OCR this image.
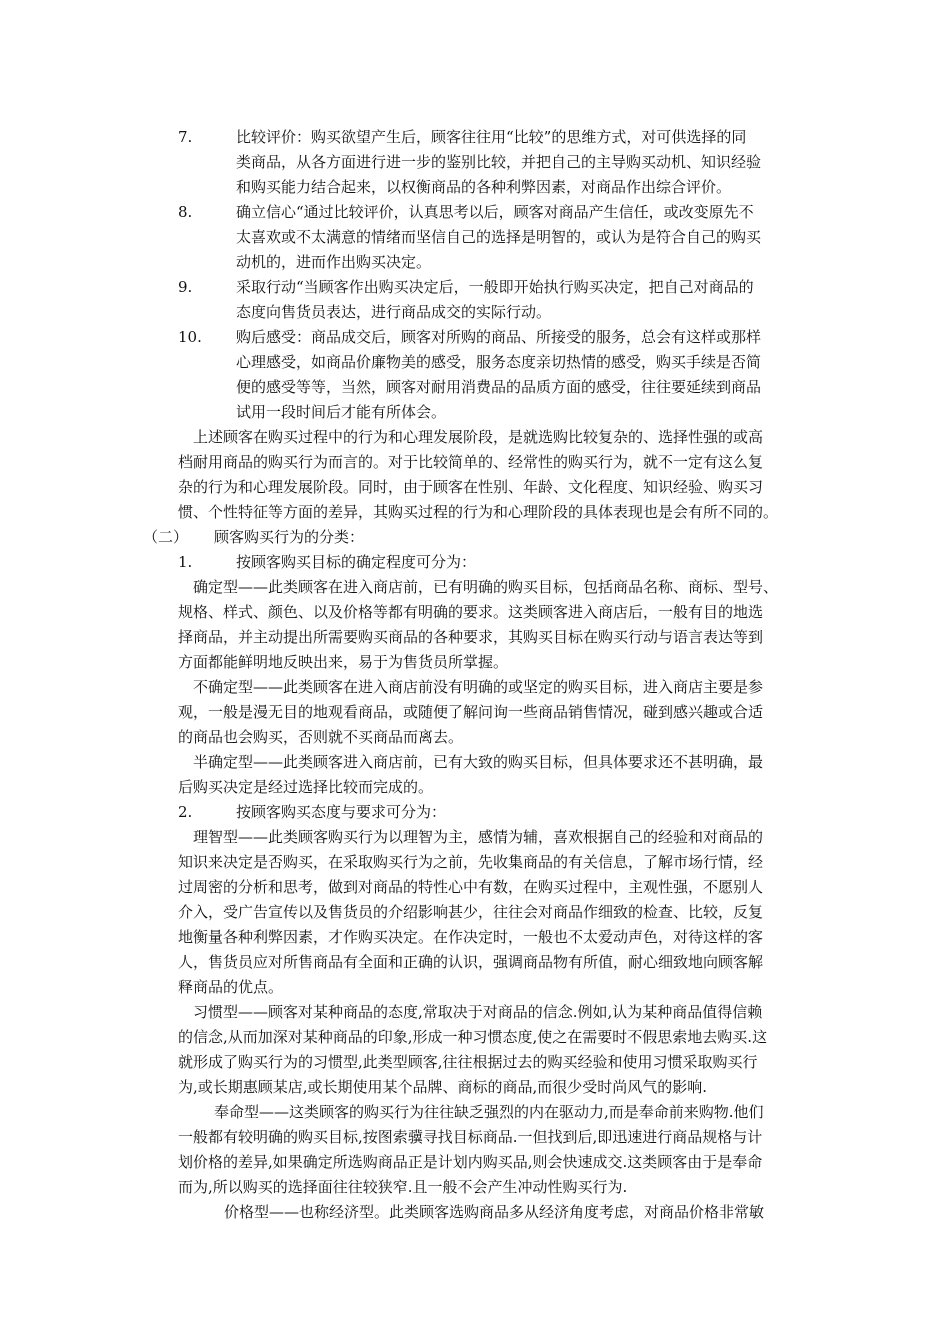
7.	比较评价：购买欲望产生后，顾客往往用“比较”的思维方式，对可供选择的同
类商品，从各方面进行进一步的鉴别比较，并把自己的主导购买动机、知识经验
和购买能力结合起来，以权衡商品的各种利弊因素，对商品作出综合评价。
8.	确立信心“通过比较评价，认真思考以后，顾客对商品产生信任，或改变原先不
太喜欢或不太满意的情绪而坚信自己的选择是明智的，或认为是符合自己的购买
动机的，进而作出购买决定。
9.	采取行动“当顾客作出购买决定后，一般即开始执行购买决定，把自己对商品的
态度向售货员表达，进行商品成交的实际行动。
10.	购后感受：商品成交后，顾客对所购的商品、所接受的服务，总会有这样或那样
心理感受，如商品价廉物美的感受，服务态度亲切热情的感受，购买手续是否简
便的感受等等，当然，顾客对耐用消费品的品质方面的感受，往往要延续到商品
试用一段时间后才能有所体会。
上述顾客在购买过程中的行为和心理发展阶段，是就选购比较复杂的、选择性强的或高
档耐用商品的购买行为而言的。对于比较简单的、经常性的购买行为，就不一定有这么复
杂的行为和心理发展阶段。同时，由于顾客在性别、年龄、文化程度、知识经验、购买习
惯、个性特征等方面的差异，其购买过程的行为和心理阶段的具体表现也是会有所不同的。
（二） 顾客购买行为的分类：
1.	按顾客购买目标的确定程度可分为：
确定型——此类顾客在进入商店前，已有明确的购买目标，包括商品名称、商标、型号、
规格、样式、颜色、以及价格等都有明确的要求。这类顾客进入商店后，一般有目的地选
择商品，并主动提出所需要购买商品的各种要求，其购买目标在购买行动与语言表达等到
方面都能鲜明地反映出来，易于为售货员所掌握。
不确定型——此类顾客在进入商店前没有明确的或坚定的购买目标，进入商店主要是参
观，一般是漫无目的地观看商品，或随便了解问询一些商品销售情况，碰到感兴趣或合适
的商品也会购买，否则就不买商品而离去。
半确定型——此类顾客进入商店前，已有大致的购买目标，但具体要求还不甚明确，最
后购买决定是经过选择比较而完成的。
2.	按顾客购买态度与要求可分为：
理智型——此类顾客购买行为以理智为主，感情为辅，喜欢根据自己的经验和对商品的
知识来决定是否购买，在采取购买行为之前，先收集商品的有关信息，了解市场行情，经
过周密的分析和思考，做到对商品的特性心中有数，在购买过程中，主观性强，不愿别人
介入，受广告宣传以及售货员的介绍影响甚少，往往会对商品作细致的检查、比较，反复
地衡量各种利弊因素，才作购买决定。在作决定时，一般也不太爱动声色，对待这样的客
人，售货员应对所售商品有全面和正确的认识，强调商品物有所值，耐心细致地向顾客解
释商品的优点。
习惯型——顾客对某种商品的态度,常取决于对商品的信念.例如,认为某种商品值得信赖
的信念,从而加深对某种商品的印象,形成一种习惯态度,使之在需要时不假思索地去购买.这
就形成了购买行为的习惯型,此类型顾客,往往根据过去的购买经验和使用习惯采取购买行
为,或长期惠顾某店,或长期使用某个品牌、商标的商品,而很少受时尚风气的影响.
奉命型——这类顾客的购买行为往往缺乏强烈的内在驱动力,而是奉命前来购物.他们
一般都有较明确的购买目标,按图索骥寻找目标商品.一但找到后,即迅速进行商品规格与计
划价格的差异,如果确定所选购商品正是计划内购买品,则会快速成交.这类顾客由于是奉命
而为,所以购买的选择面往往较狭窄.且一般不会产生冲动性购买行为.
价格型——也称经济型。此类顾客选购商品多从经济角度考虑，对商品价格非常敏
